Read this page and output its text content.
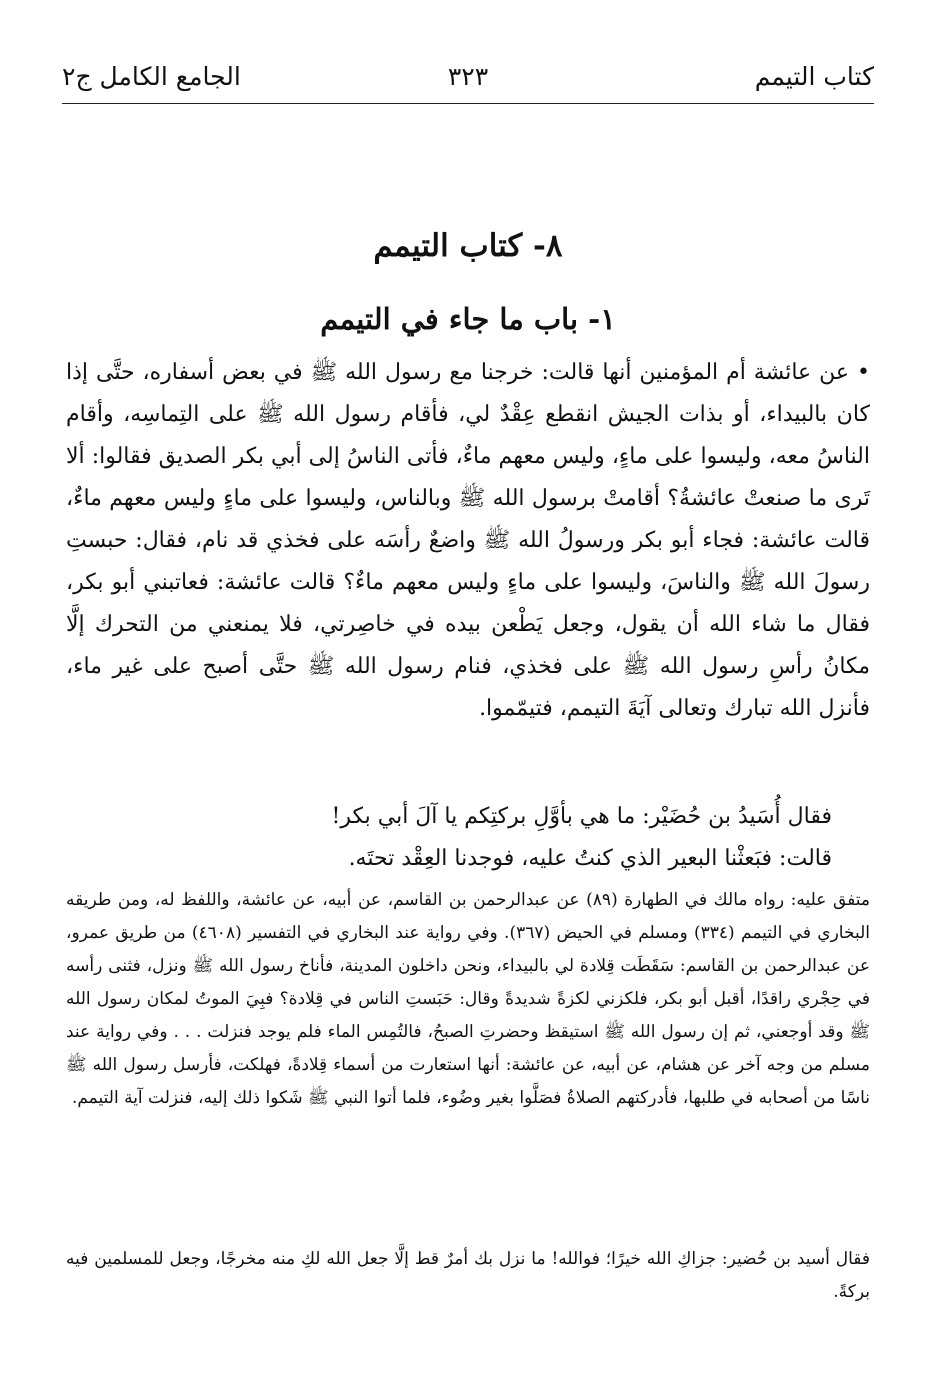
كتاب التيمم
٣٢٣
الجامع الكامل ج٢
٨- كتاب التيمم
١- باب ما جاء في التيمم

•عن عائشة أم المؤمنين أنها قالت: خرجنا مع رسول الله ﷺ في بعض أسفاره، حتَّى إذا كان بالبيداء، أو بذات الجيش انقطع عِقْدٌ لي، فأقام رسول الله ﷺ على التِماسِه، وأقام الناسُ معه، وليسوا على ماءٍ، وليس معهم ماءٌ، فأتى الناسُ إلى أبي بكر الصديق فقالوا: ألا تَرى ما صنعتْ عائشةُ؟ أقامتْ برسول الله ﷺ وبالناس، وليسوا على ماءٍ وليس معهم ماءٌ، قالت عائشة: فجاء أبو بكر ورسولُ الله ﷺ واضعٌ رأسَه على فخذي قد نام، فقال: حبستِ رسولَ الله ﷺ والناسَ، وليسوا على ماءٍ وليس معهم ماءٌ؟ قالت عائشة: فعاتبني أبو بكر، فقال ما شاء الله أن يقول، وجعل يَطْعن بيده في خاصِرتي، فلا يمنعني من التحرك إلَّا مكانُ رأسِ رسول الله ﷺ على فخذي، فنام رسول الله ﷺ حتَّى أصبح على غير ماء، فأنزل الله تبارك وتعالى آيَةَ التيمم، فتيمّموا.

فقال أُسَيدُ بن حُضَيْر: ما هي بأوَّلِ بركتِكم يا آلَ أبي بكر!

قالت: فبَعثْنا البعير الذي كنتُ عليه، فوجدنا العِقْد تحتَه.

متفق عليه: رواه مالك في الطهارة (٨٩) عن عبدالرحمن بن القاسم، عن أبيه، عن عائشة، واللفظ له، ومن طريقه البخاري في التيمم (٣٣٤) ومسلم في الحيض (٣٦٧). وفي رواية عند البخاري في التفسير (٤٦٠٨) من طريق عمرو، عن عبدالرحمن بن القاسم: سَقَطَت قِلادة لي بالبيداء، ونحن داخلون المدينة، فأناخ رسول الله ﷺ ونزل، فثنى رأسه في حِجْري راقدًا، أقبل أبو بكر، فلكزني لكزةً شديدةً وقال: حَبَستِ الناس في قِلادة؟ فبِيَ الموتُ لمكان رسول الله ﷺ وقد أوجعني، ثم إن رسول الله ﷺ استيقظ وحضرتِ الصبحُ، فالتُمِس الماء فلم يوجد فنزلت . . . وفي رواية عند مسلم من وجه آخر عن هشام، عن أبيه، عن عائشة: أنها استعارت من أسماء قِلادةً، فهلكت، فأرسل رسول الله ﷺ ناسًا من أصحابه في طلبها، فأدركتهم الصلاةُ فصَلَّوا بغير وضُوء، فلما أتوا النبي ﷺ شَكوا ذلك إليه، فنزلت آية التيمم.

فقال أسيد بن حُضير: جزاكِ الله خيرًا؛ فوالله! ما نزل بك أمرٌ قط إلَّا جعل الله لكِ منه مخرجًا، وجعل للمسلمين فيه بركةً.
